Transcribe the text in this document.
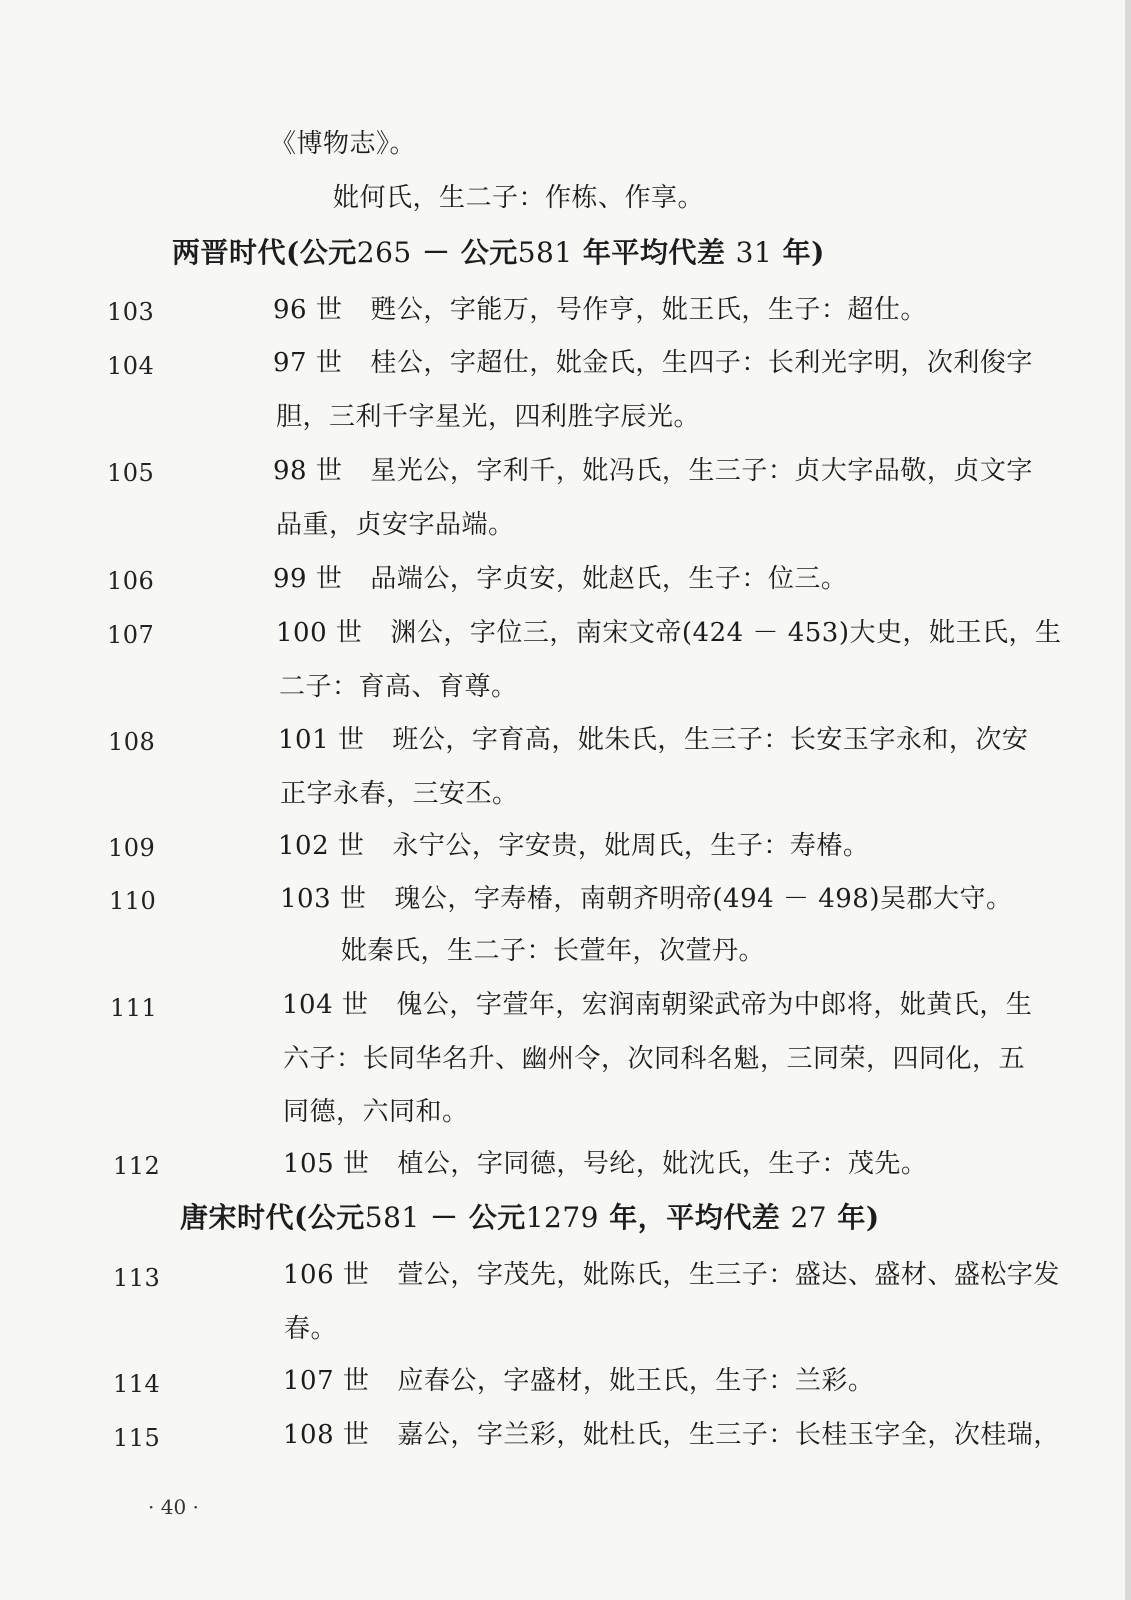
《博物志》。
妣何氏，生二子：作栋、作享。
两晋时代(公元265 － 公元581 年平均代差 31 年)
103	96 世 甦公，字能万，号作亨，妣王氏，生子：超仕。
104	97 世 桂公，字超仕，妣金氏，生四子：长利光字明，次利俊字
胆，三利千字星光，四利胜字辰光。
105	98 世 星光公，字利千，妣冯氏，生三子：贞大字品敬，贞文字
品重，贞安字品端。
106	99 世 品端公，字贞安，妣赵氏，生子：位三。
107	100 世 渊公，字位三，南宋文帝(424 － 453)大史，妣王氏，生
二子：育高、育尊。
108	101 世 班公，字育高，妣朱氏，生三子：长安玉字永和，次安
正字永春，三安丕。
109	102 世 永宁公，字安贵，妣周氏，生子：寿椿。
110	103 世 瑰公，字寿椿，南朝齐明帝(494 － 498)吴郡大守。
妣秦氏，生二子：长萱年，次萱丹。
111	104 世 傀公，字萱年，宏润南朝梁武帝为中郎将，妣黄氏，生
六子：长同华名升、幽州令，次同科名魁，三同荣，四同化，五
同德，六同和。
112	105 世 植公，字同德，号纶，妣沈氏，生子：茂先。
唐宋时代(公元581 － 公元1279 年，平均代差 27 年)
113	106 世 萱公，字茂先，妣陈氏，生三子：盛达、盛材、盛松字发
春。
114	107 世 应春公，字盛材，妣王氏，生子：兰彩。
115	108 世 嘉公，字兰彩，妣杜氏，生三子：长桂玉字全，次桂瑞，
· 40 ·
